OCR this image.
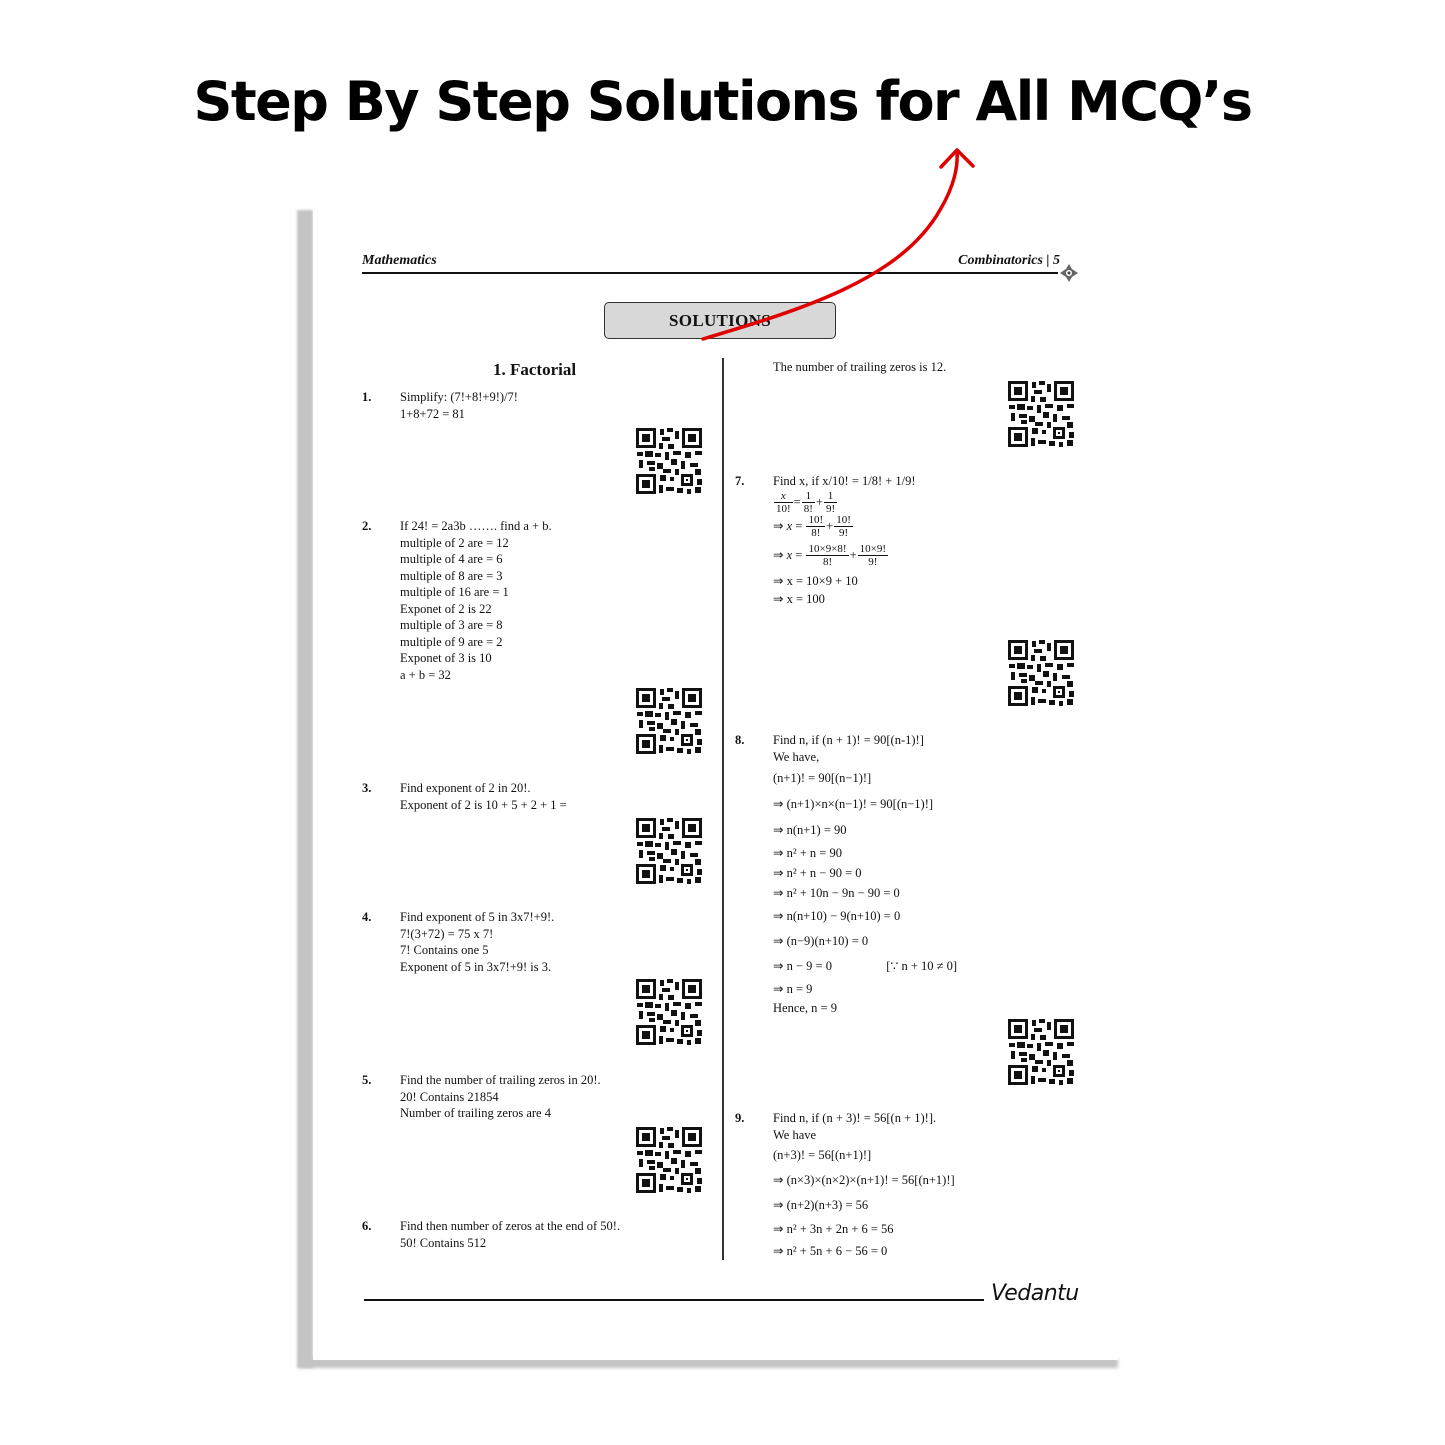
Step By Step Solutions for All MCQ’s
Mathematics	Combinatorics | 5
SOLUTIONS
1. Factorial
1. Simplify: (7!+8!+9!)/7!
1+8+72 = 81
2. If 24! = 2a3b ……. find a + b.
multiple of 2 are = 12
multiple of 4 are = 6
multiple of 8 are = 3
multiple of 16 are = 1
Exponet of 2 is 22
multiple of 3 are = 8
multiple of 9 are = 2
Exponet of 3 is 10
a + b = 32
3. Find exponent of 2 in 20!.
Exponent of 2 is 10 + 5 + 2 + 1 =
4. Find exponent of 5 in 3x7!+9!.
7!(3+72) = 75 x 7!
7! Contains one 5
Exponent of 5 in 3x7!+9! is 3.
5. Find the number of trailing zeros in 20!.
20! Contains 21854
Number of trailing zeros are 4
6. Find then number of zeros at the end of 50!.
50! Contains 512
The number of trailing zeros is 12.
7. Find x, if x/10! = 1/8! + 1/9!
$\frac{x}{10!} = \frac{1}{8!} + \frac{1}{9!}$
⇒ $x = \frac{10!}{8!} + \frac{10!}{9!}$
⇒ $x = \frac{10\times 9\times 8!}{8!} + \frac{10\times 9!}{9!}$
⇒ x = 10×9 + 10
⇒ x = 100
8. Find n, if (n + 1)! = 90[(n-1)!]
We have,
(n+1)! = 90[(n−1)!]
⇒ (n+1)×n×(n−1)! = 90[(n−1)!]
⇒ n(n+1) = 90
⇒ n² + n = 90
⇒ n² + n − 90 = 0
⇒ n² + 10n − 9n − 90 = 0
⇒ n(n+10) − 9(n+10) = 0
⇒ (n−9)(n+10) = 0
⇒ n − 9 = 0	[∵ n + 10 ≠ 0]
⇒ n = 9
Hence, n = 9
9. Find n, if (n + 3)! = 56[(n + 1)!].
We have
(n+3)! = 56[(n+1)!]
⇒ (n×3)×(n×2)×(n+1)! = 56[(n+1)!]
⇒ (n+2)(n+3) = 56
⇒ n² + 3n + 2n + 6 = 56
⇒ n² + 5n + 6 − 56 = 0
Vedantu
